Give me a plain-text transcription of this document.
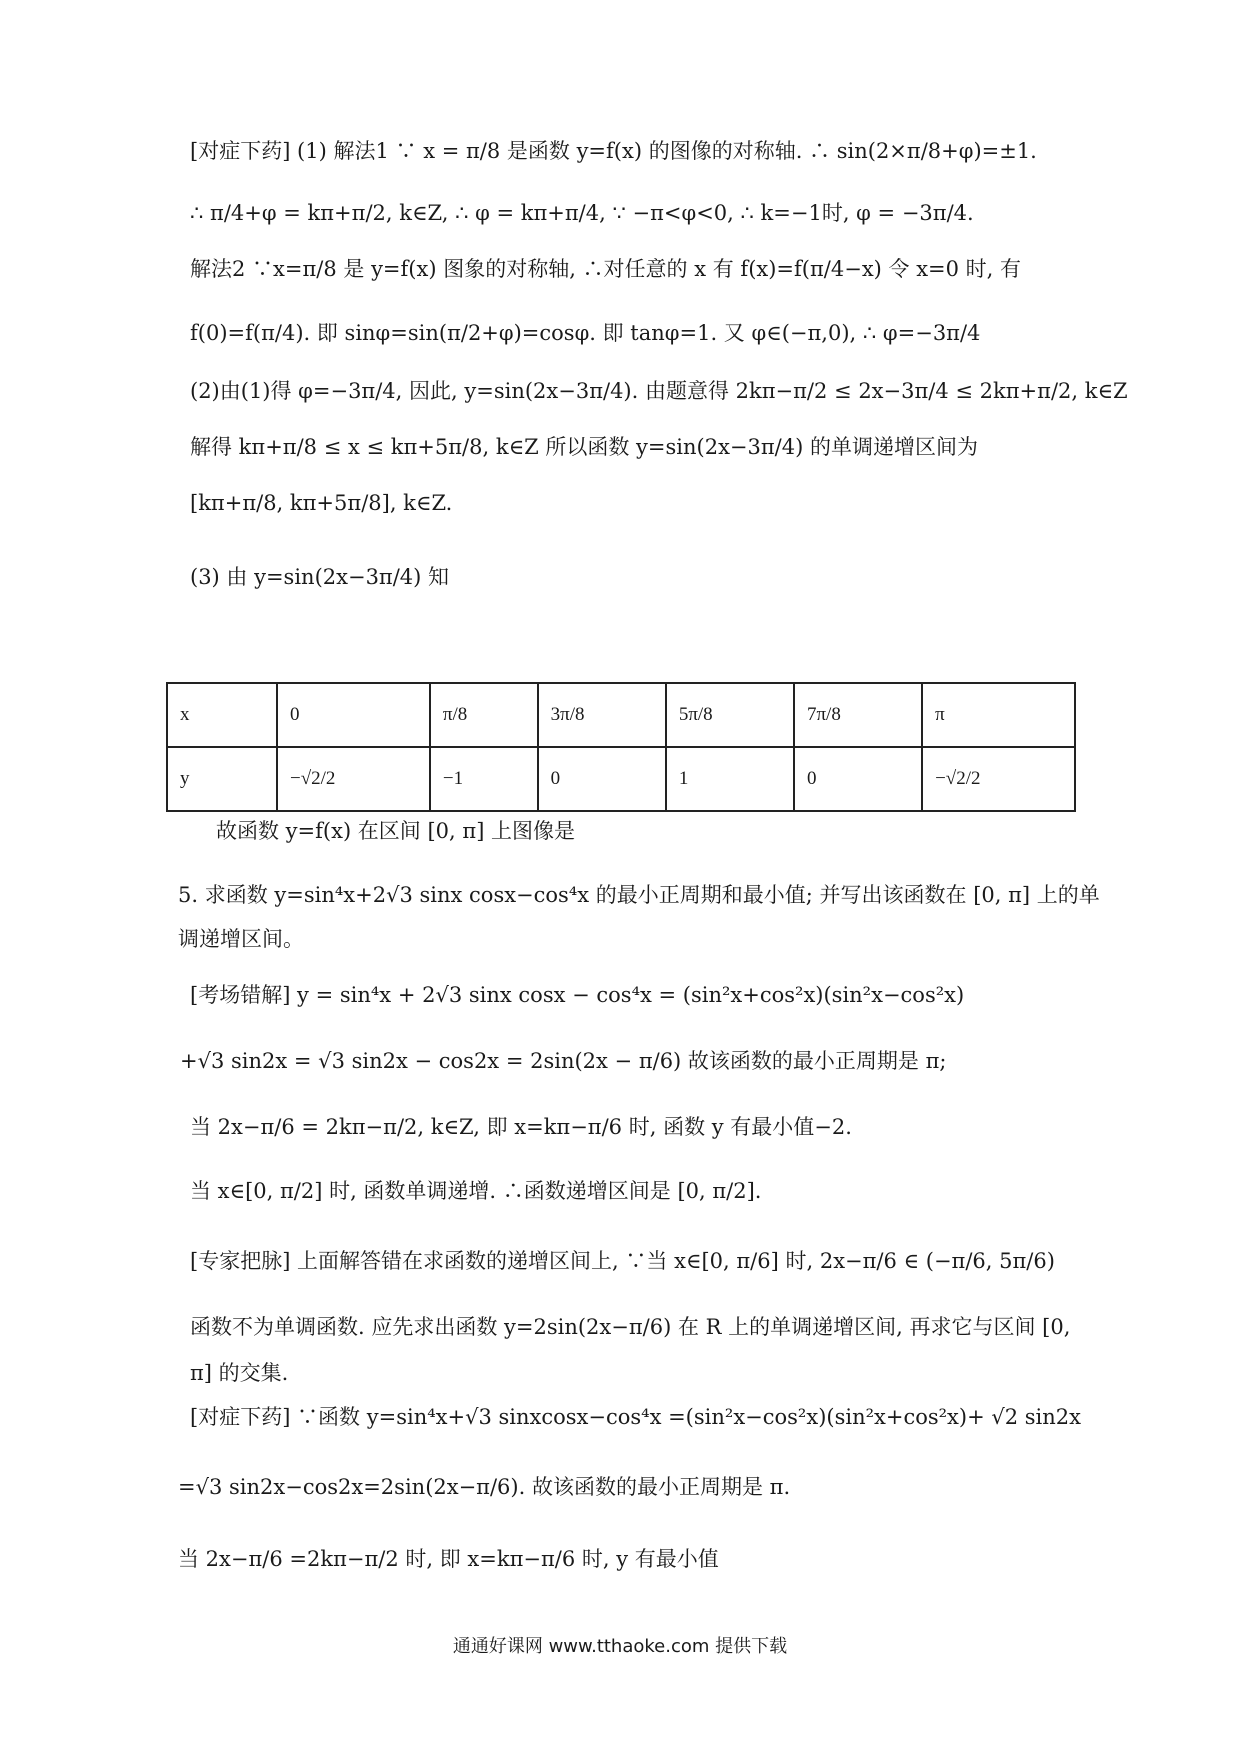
[对症下药] (1) 解法1 ∵ x = π/8 是函数 y=f(x) 的图像的对称轴. ∴ sin(2×π/8+φ)=±1.
∴ π/4+φ = kπ+π/2, k∈Z, ∴ φ = kπ+π/4, ∵ −π<φ<0, ∴ k=−1时, φ = −3π/4.
解法2 ∵x=π/8 是 y=f(x) 图象的对称轴, ∴对任意的 x 有 f(x)=f(π/4−x) 令 x=0 时, 有
f(0)=f(π/4). 即 sinφ=sin(π/2+φ)=cosφ. 即 tanφ=1. 又 φ∈(−π,0), ∴ φ=−3π/4
(2)由(1)得 φ=−3π/4, 因此, y=sin(2x−3π/4). 由题意得 2kπ−π/2 ≤ 2x−3π/4 ≤ 2kπ+π/2, k∈Z
解得 kπ+π/8 ≤ x ≤ kπ+5π/8, k∈Z 所以函数 y=sin(2x−3π/4) 的单调递增区间为
[kπ+π/8, kπ+5π/8], k∈Z.
(3) 由 y=sin(2x−3π/4) 知
x	0	π/8	3π/8	5π/8	7π/8	π
y	−√2/2	−1	0	1	0	−√2/2
故函数 y=f(x) 在区间 [0, π] 上图像是
5. 求函数 y=sin⁴x+2√3 sinx cosx−cos⁴x 的最小正周期和最小值; 并写出该函数在 [0, π] 上的单
调递增区间。
[考场错解] y = sin⁴x + 2√3 sinx cosx − cos⁴x = (sin²x+cos²x)(sin²x−cos²x)
+√3 sin2x = √3 sin2x − cos2x = 2sin(2x − π/6) 故该函数的最小正周期是 π;
当 2x−π/6 = 2kπ−π/2, k∈Z, 即 x=kπ−π/6 时, 函数 y 有最小值−2.
当 x∈[0, π/2] 时, 函数单调递增. ∴函数递增区间是 [0, π/2].
[专家把脉] 上面解答错在求函数的递增区间上, ∵当 x∈[0, π/6] 时, 2x−π/6 ∈ (−π/6, 5π/6)
函数不为单调函数. 应先求出函数 y=2sin(2x−π/6) 在 R 上的单调递增区间, 再求它与区间 [0,
π] 的交集.
[对症下药] ∵函数 y=sin⁴x+√3 sinxcosx−cos⁴x =(sin²x−cos²x)(sin²x+cos²x)+ √2 sin2x
=√3 sin2x−cos2x=2sin(2x−π/6). 故该函数的最小正周期是 π.
当 2x−π/6 =2kπ−π/2 时, 即 x=kπ−π/6 时, y 有最小值
通通好课网 www.tthaoke.com 提供下载
